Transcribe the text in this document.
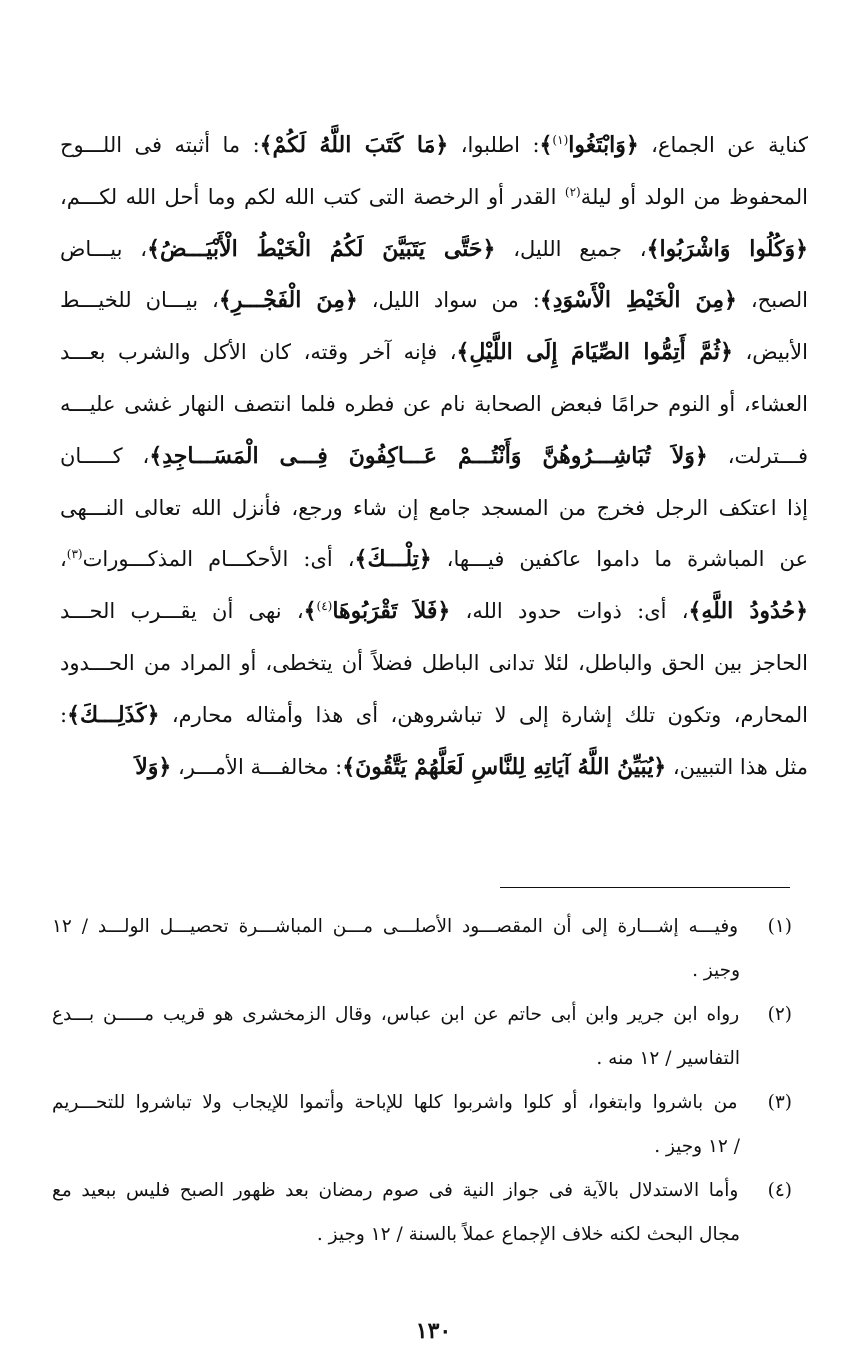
كناية عن الجماع، ﴿وَابْتَغُوا$^{(١)}$﴾: اطلبوا، ﴿مَا كَتَبَ اللَّهُ لَكُمْ﴾: ما أثبته فى اللـــوح
المحفوظ من الولد أو ليلة$^{(٢)}$ القدر أو الرخصة التى كتب الله لكم وما أحل الله لكـــم،
﴿وَكُلُوا وَاشْرَبُوا﴾، جميع الليل، ﴿حَتَّى يَتَبَيَّنَ لَكُمُ الْخَيْطُ الْأَبْيَـــضُ﴾، بيـــاض
الصبح، ﴿مِنَ الْخَيْطِ الْأَسْوَدِ﴾: من سواد الليل، ﴿مِنَ الْفَجْـــرِ﴾، بيـــان للخيـــط
الأبيض، ﴿ثُمَّ أَتِمُّوا الصِّيَامَ إِلَى اللَّيْلِ﴾، فإنه آخر وقته، كان الأكل والشرب بعـــد
العشاء، أو النوم حرامًا فبعض الصحابة نام عن فطره فلما انتصف النهار غشى عليـــه
فـــترلت، ﴿وَلاَ تُبَاشِـــرُوهُنَّ وَأَنْتُـــمْ عَـــاكِفُونَ فِـــى الْمَسَـــاجِدِ﴾، كـــــان
إذا اعتكف الرجل فخرج من المسجد جامع إن شاء ورجع، فأنزل الله تعالى النـــهى
عن المباشرة ما داموا عاكفين فيـــها، ﴿تِلْـــكَ﴾، أى: الأحكـــام المذكـــورات$^{(٣)}$،
﴿حُدُودُ اللَّهِ﴾، أى: ذوات حدود الله، ﴿فَلاَ تَقْرَبُوهَا$^{(٤)}$﴾، نهى أن يقـــرب الحـــد
الحاجز بين الحق والباطل، لئلا تدانى الباطل فضلاً أن يتخطى، أو المراد من الحـــدود
المحارم، وتكون تلك إشارة إلى لا تباشروهن، أى هذا وأمثاله محارم، ﴿كَذَلِـــكَ﴾:
مثل هذا التبيين، ﴿يُبَيِّنُ اللَّهُ آيَاتِهِ لِلنَّاسِ لَعَلَّهُمْ يَتَّقُونَ﴾: مخالفـــة الأمـــر، ﴿وَلاَ
(١) وفيـــه إشـــارة إلى أن المقصـــود الأصلـــى مـــن المباشـــرة تحصيـــل الولـــد / ١٢
وجيز .
(٢) رواه ابن جرير وابن أبى حاتم عن ابن عباس، وقال الزمخشرى هو قريب مـــــن بـــدع
التفاسير / ١٢ منه .
(٣) من باشروا وابتغوا، أو كلوا واشربوا كلها للإباحة وأتموا للإيجاب ولا تباشروا للتحـــريم
/ ١٢ وجيز .
(٤) وأما الاستدلال بالآية فى جواز النية فى صوم رمضان بعد ظهور الصبح فليس ببعيد مع
مجال البحث لكنه خلاف الإجماع عملاً بالسنة / ١٢ وجيز .
١٣٠
